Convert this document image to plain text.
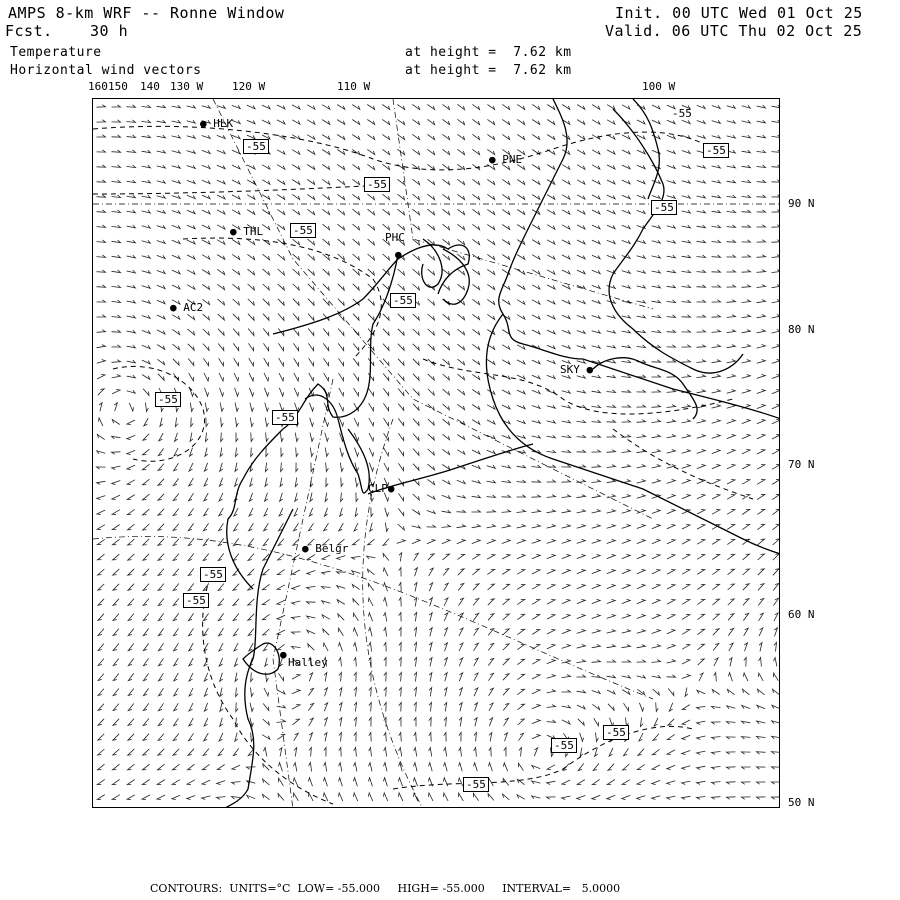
AMPS 8-km WRF -- Ronne Window
Fcst. 30 h
Init. 00 UTC Wed 01 Oct 25
Valid. 06 UTC Thu 02 Oct 25
Temperature
Horizontal wind vectors
at height =  7.62 km
at height =  7.62 km
160 150 140 130 W	120 W	110 W	100 W
90 N
80 N
70 N
60 N
50 N
● HLK
● PNE
● THL	PHC
●
● AC2
SKY ●
CLP●
● Belgr
●
Halley
-55
-55
-55
-55
-55
-55
-55
-55
-55
-55
-55
-55
-55
-55
CONTOURS:  UNITS=°C  LOW= -55.000     HIGH= -55.000     INTERVAL=   5.0000
